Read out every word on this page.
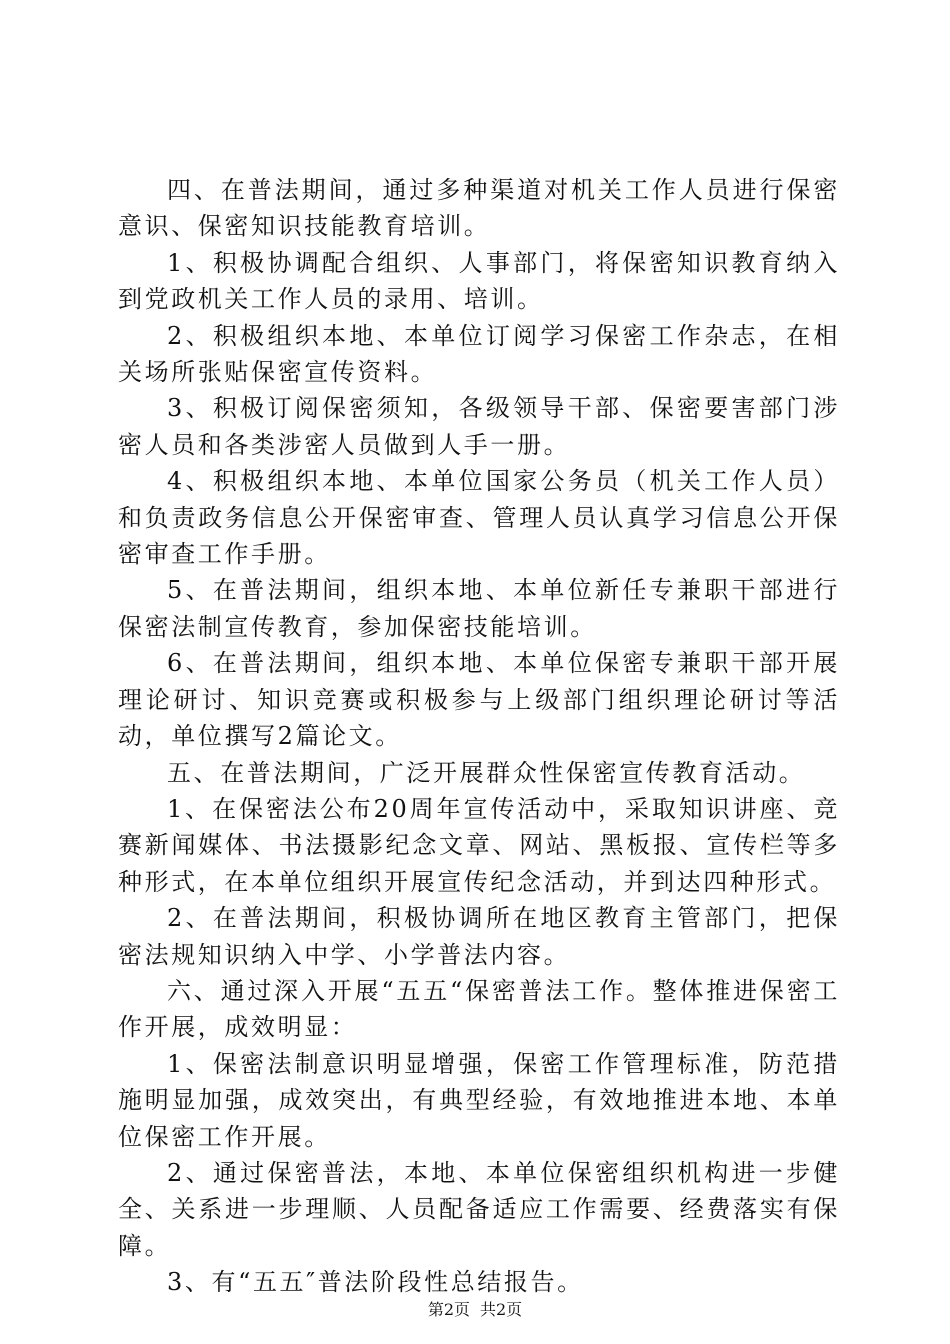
四、在普法期间，通过多种渠道对机关工作人员进行保密意识、保密知识技能教育培训。

1、积极协调配合组织、人事部门，将保密知识教育纳入到党政机关工作人员的录用、培训。

2、积极组织本地、本单位订阅学习保密工作杂志，在相关场所张贴保密宣传资料。

3、积极订阅保密须知，各级领导干部、保密要害部门涉密人员和各类涉密人员做到人手一册。

4、积极组织本地、本单位国家公务员（机关工作人员）和负责政务信息公开保密审查、管理人员认真学习信息公开保密审查工作手册。

5、在普法期间，组织本地、本单位新任专兼职干部进行保密法制宣传教育，参加保密技能培训。

6、在普法期间，组织本地、本单位保密专兼职干部开展理论研讨、知识竞赛或积极参与上级部门组织理论研讨等活动，单位撰写2篇论文。

五、在普法期间，广泛开展群众性保密宣传教育活动。

1、在保密法公布20周年宣传活动中，采取知识讲座、竞赛新闻媒体、书法摄影纪念文章、网站、黑板报、宣传栏等多种形式，在本单位组织开展宣传纪念活动，并到达四种形式。

2、在普法期间，积极协调所在地区教育主管部门，把保密法规知识纳入中学、小学普法内容。

六、通过深入开展“五五“保密普法工作。整体推进保密工作开展，成效明显：

1、保密法制意识明显增强，保密工作管理标准，防范措施明显加强，成效突出，有典型经验，有效地推进本地、本单位保密工作开展。

2、通过保密普法，本地、本单位保密组织机构进一步健全、关系进一步理顺、人员配备适应工作需要、经费落实有保障。

3、有“五五″普法阶段性总结报告。

第2页 共2页
